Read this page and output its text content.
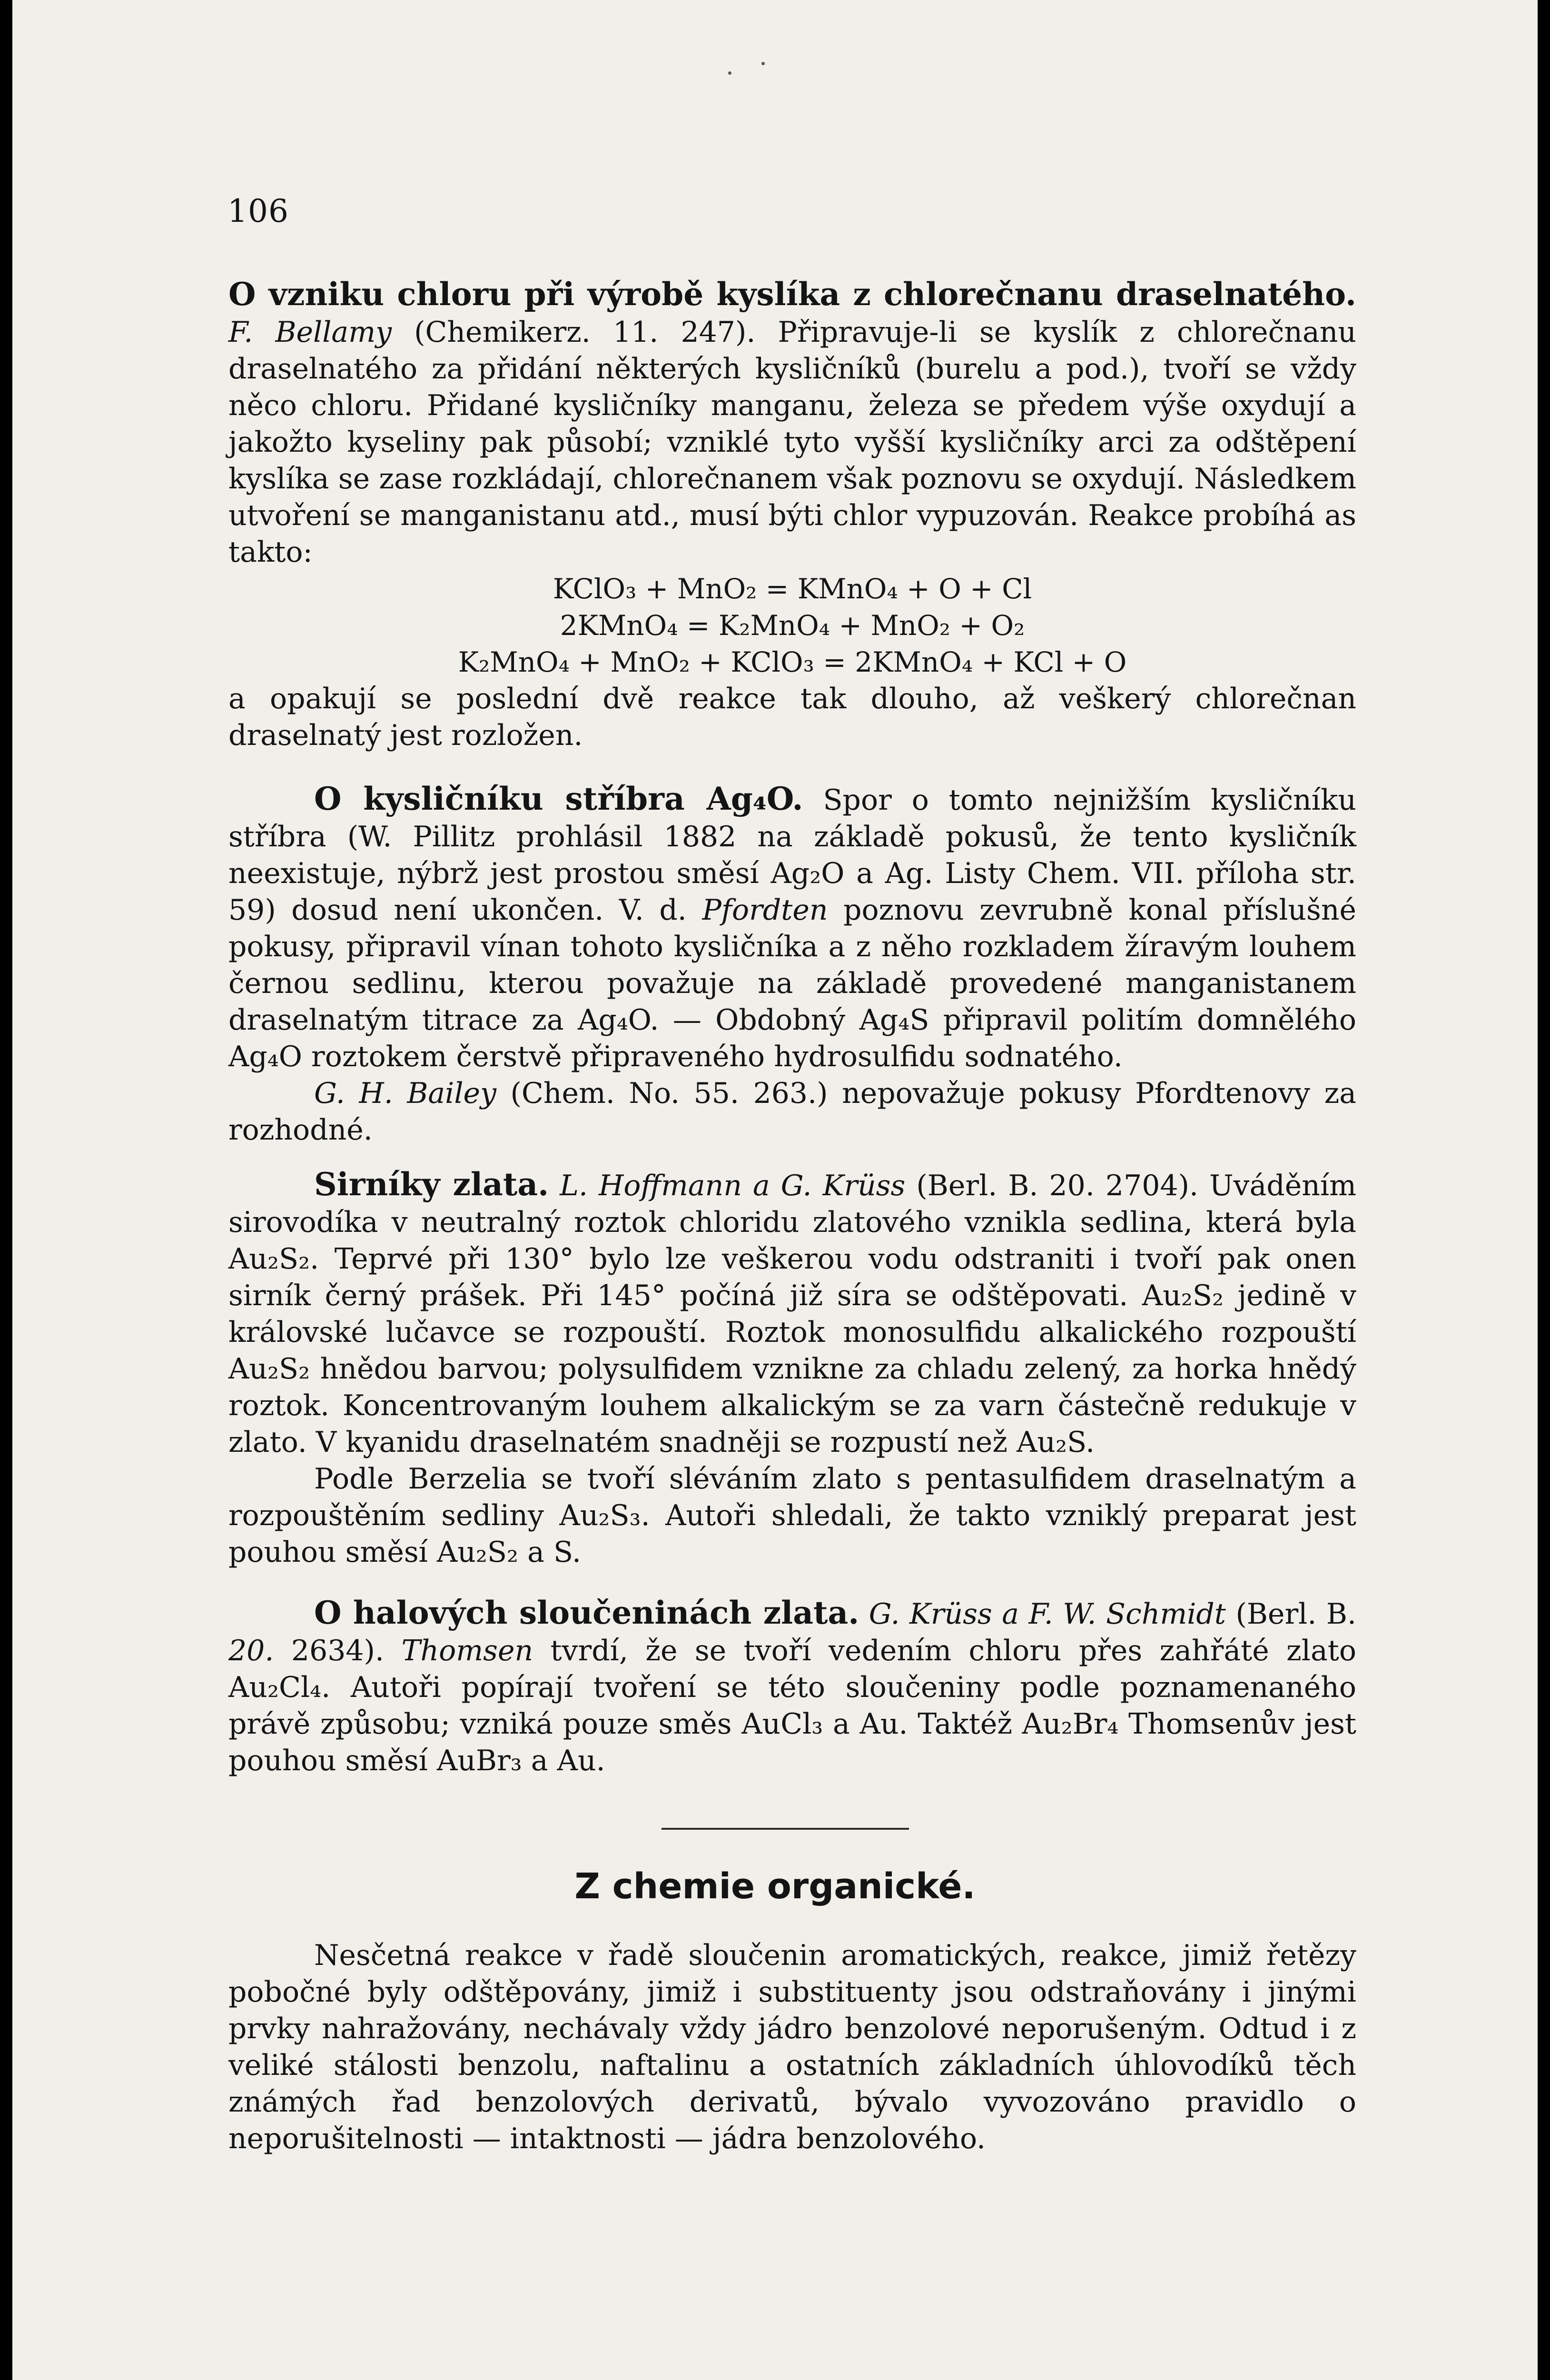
106

O vzniku chloru při výrobě kyslíka z chlorečnanu draselnatého. F. Bellamy (Chemikerz. 11. 247). Připravuje-li se kyslík z chlorečnanu draselnatého za přidání některých kysličníků (burelu a pod.), tvoří se vždy něco chloru. Přidané kysličníky manganu, železa se předem výše oxydují a jakožto kyseliny pak působí; vzniklé tyto vyšší kysličníky arci za odštěpení kyslíka se zase rozkládají, chlorečnanem však poznovu se oxydují. Následkem utvoření se manganistanu atd., musí býti chlor vypuzován. Reakce probíhá as takto:

KClO₃ + MnO₂ = KMnO₄ + O + Cl

2KMnO₄ = K₂MnO₄ + MnO₂ + O₂

K₂MnO₄ + MnO₂ + KClO₃ = 2KMnO₄ + KCl + O

a opakují se poslední dvě reakce tak dlouho, až veškerý chlorečnan draselnatý jest rozložen.

O kysličníku stříbra Ag₄O. Spor o tomto nejnižším kysličníku stříbra (W. Pillitz prohlásil 1882 na základě pokusů, že tento kysličník neexistuje, nýbrž jest prostou směsí Ag₂O a Ag. Listy Chem. VII. příloha str. 59) dosud není ukončen. V. d. Pfordten poznovu zevrubně konal příslušné pokusy, připravil vínan tohoto kysličníka a z něho rozkladem žíravým louhem černou sedlinu, kterou považuje na základě provedené manganistanem draselnatým titrace za Ag₄O. — Obdobný Ag₄S připravil politím domnělého Ag₄O roztokem čerstvě připraveného hydrosulfidu sodnatého.

G. H. Bailey (Chem. No. 55. 263.) nepovažuje pokusy Pfordtenovy za rozhodné.

Sirníky zlata. L. Hoffmann a G. Krüss (Berl. B. 20. 2704). Uváděním sirovodíka v neutralný roztok chloridu zlatového vznikla sedlina, která byla Au₂S₂. Teprvé při 130° bylo lze veškerou vodu odstraniti i tvoří pak onen sirník černý prášek. Při 145° počíná již síra se odštěpovati. Au₂S₂ jedině v královské lučavce se rozpouští. Roztok monosulfidu alkalického rozpouští Au₂S₂ hnědou barvou; polysulfidem vznikne za chladu zelený, za horka hnědý roztok. Koncentrovaným louhem alkalickým se za varn částečně redukuje v zlato. V kyanidu draselnatém snadněji se rozpustí než Au₂S.

Podle Berzelia se tvoří sléváním zlato s pentasulfidem draselnatým a rozpouštěním sedliny Au₂S₃. Autoři shledali, že takto vzniklý preparat jest pouhou směsí Au₂S₂ a S.

O halových sloučeninách zlata. G. Krüss a F. W. Schmidt (Berl. B. 20. 2634). Thomsen tvrdí, že se tvoří vedením chloru přes zahřáté zlato Au₂Cl₄. Autoři popírají tvoření se této sloučeniny podle poznamenaného právě způsobu; vzniká pouze směs AuCl₃ a Au. Taktéž Au₂Br₄ Thomsenův jest pouhou směsí AuBr₃ a Au.

Z chemie organické.

Nesčetná reakce v řadě sloučenin aromatických, reakce, jimiž řetězy pobočné byly odštěpovány, jimiž i substituenty jsou odstraňovány i jinými prvky nahražovány, nechávaly vždy jádro benzolové neporušeným. Odtud i z veliké stálosti benzolu, naftalinu a ostatních základních úhlovodíků těch známých řad benzolových derivatů, bývalo vyvozováno pravidlo o neporušitelnosti — intaktnosti — jádra benzolového.
